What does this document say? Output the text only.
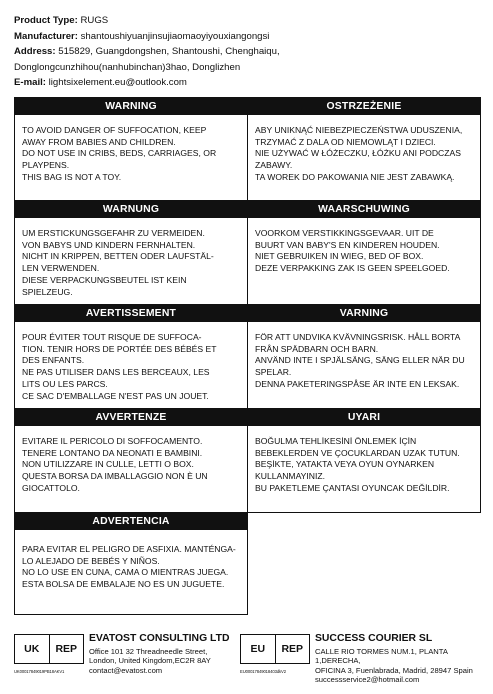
Product Type: RUGS
Manufacturer: shantoushiyuanjinsujiaomaoyiyouxiangongsi
Address: 515829, Guangdongshen, Shantoushi, Chenghaiqu,
Donglongcunzhihou(nanhubinchan)3hao, Donglizhen
E-mail: lightsixelement.eu@outlook.com
WARNING
TO AVOID DANGER OF SUFFOCATION, KEEP
AWAY FROM BABIES AND CHILDREN.
DO NOT USE IN CRIBS, BEDS, CARRIAGES, OR
PLAYPENS.
THIS BAG IS NOT A TOY.
OSTRZEŻENIE
ABY UNIKNĄĆ NIEBEZPIECZEŃSTWA UDUSZENIA,
TRZYMAĆ Z DALA OD NIEMOWLĄT I DZIECI.
NIE UŻYWAĆ W ŁÓŻECZKU, ŁÓŻKU ANI PODCZAS
ZABAWY.
TA WOREK DO PAKOWANIA NIE JEST ZABAWKĄ.
WARNUNG
UM ERSTICKUNGSGEFAHR ZU VERMEIDEN.
VON BABYS UND KINDERN FERNHALTEN.
NICHT IN KRIPPEN, BETTEN ODER LAUFSTÄL-
LEN VERWENDEN.
DIESE VERPACKUNGSBEUTEL IST KEIN
SPIELZEUG.
WAARSCHUWING
VOORKOM VERSTIKKINGSGEVAAR. UIT DE
BUURT VAN BABY'S EN KINDEREN HOUDEN.
NIET GEBRUIKEN IN WIEG, BED OF BOX.
DEZE VERPAKKING ZAK IS GEEN SPEELGOED.
AVERTISSEMENT
POUR ÉVITER TOUT RISQUE DE SUFFOCA-
TION. TENIR HORS DE PORTÉE DES BÉBÉS ET
DES ENFANTS.
NE PAS UTILISER DANS LES BERCEAUX, LES
LITS OU LES PARCS.
CE SAC D'EMBALLAGE N'EST PAS UN JOUET.
VARNING
FÖR ATT UNDVIKA KVÄVNINGSRISK. HÅLL BORTA
FRÅN SPÄDBARN OCH BARN.
ANVÄND INTE I SPJÄLSÄNG, SÄNG ELLER NÄR DU
SPELAR.
DENNA PAKETERINGSPÅSE ÄR INTE EN LEKSAK.
AVVERTENZE
EVITARE IL PERICOLO DI SOFFOCAMENTO.
TENERE LONTANO DA NEONATI E BAMBINI.
NON UTILIZZARE IN CULLE, LETTI O BOX.
QUESTA BORSA DA IMBALLAGGIO NON È UN
GIOCATTOLO.
UYARI
BOĞULMA TEHLİKESİNİ ÖNLEMEK İÇİN
BEBEKLERDEN VE ÇOCUKLARDAN UZAK TUTUN.
BEŞİKTE, YATAKTA VEYA OYUN OYNARKEN
KULLANMAYINIZ.
BU PAKETLEME ÇANTASI OYUNCAK DEĞİLDİR.
ADVERTENCIA
PARA EVITAR EL PELIGRO DE ASFIXIA. MANTÉNGA-
LO ALEJADO DE BEBÉS Y NIÑOS.
NO LO USE EN CUNA, CAMA O MIENTRAS JUEGA.
ESTA BOLSA DE EMBALAJE NO ES UN JUGUETE.
UK	REP
UK00017849019PB18AKV1
EVATOST CONSULTING LTD
Office 101 32 Threadneedle Street,
London, United Kingdom,EC2R 8AY
contact@evatost.com
EU	REP
EU00017849018403dkV2
SUCCESS COURIER SL
CALLE RIO TORMES NUM.1, PLANTA 1,DERECHA,
OFICINA 3, Fuenlabrada, Madrid, 28947 Spain
successservice2@hotmail.com
